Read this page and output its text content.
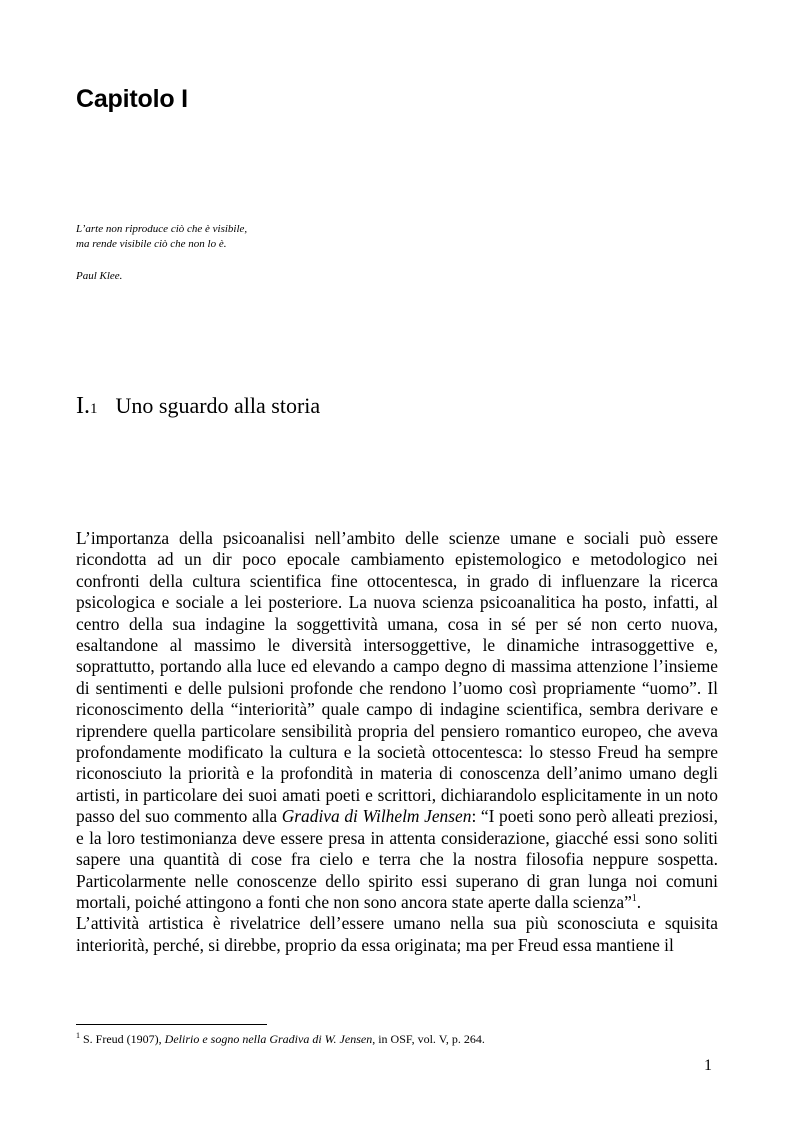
Capitolo I
L’arte non riproduce ciò che è visibile,
ma rende visibile ciò che non lo è.
Paul Klee.
I.1 Uno sguardo alla storia

L’importanza della psicoanalisi nell’ambito delle scienze umane e sociali può essere ricondotta ad un dir poco epocale cambiamento epistemologico e metodologico nei confronti della cultura scientifica fine ottocentesca, in grado di influenzare la ricerca psicologica e sociale a lei posteriore. La nuova scienza psicoanalitica ha posto, infatti, al centro della sua indagine la soggettività umana, cosa in sé per sé non certo nuova, esaltandone al massimo le diversità intersoggettive, le dinamiche intrasoggettive e, soprattutto, portando alla luce ed elevando a campo degno di massima attenzione l’insieme di sentimenti e delle pulsioni profonde che rendono l’uomo così propriamente “uomo”. Il riconoscimento della “interiorità” quale campo di indagine scientifica, sembra derivare e riprendere quella particolare sensibilità propria del pensiero romantico europeo, che aveva profondamente modificato la cultura e la società ottocentesca: lo stesso Freud ha sempre riconosciuto la priorità e la profondità in materia di conoscenza dell’animo umano degli artisti, in particolare dei suoi amati poeti e scrittori, dichiarandolo esplicitamente in un noto passo del suo commento alla Gradiva di Wilhelm Jensen: “I poeti sono però alleati preziosi, e la loro testimonianza deve essere presa in attenta considerazione, giacché essi sono soliti sapere una quantità di cose fra cielo e terra che la nostra filosofia neppure sospetta. Particolarmente nelle conoscenze dello spirito essi superano di gran lunga noi comuni mortali, poiché attingono a fonti che non sono ancora state aperte dalla scienza”$^1$.

L’attività artistica è rivelatrice dell’essere umano nella sua più sconosciuta e squisita interiorità, perché, si direbbe, proprio da essa originata; ma per Freud essa mantiene il

$^1$ S. Freud (1907), Delirio e sogno nella Gradiva di W. Jensen, in OSF, vol. V, p. 264.
1
